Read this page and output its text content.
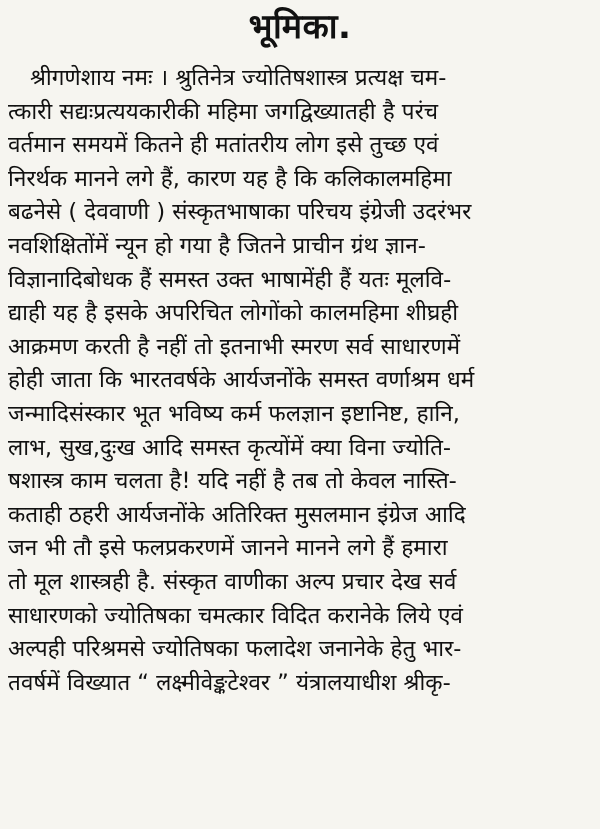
भूमिका.
श्रीगणेशाय नमः । श्रुतिनेत्र ज्योतिषशास्त्र प्रत्यक्ष चम-
त्कारी सद्यःप्रत्ययकारीकी महिमा जगद्विख्यातही है परंच
वर्तमान समयमें कितने ही मतांतरीय लोग इसे तुच्छ एवं
निरर्थक मानने लगे हैं, कारण यह है कि कलिकालमहिमा
बढनेसे ( देववाणी ) संस्कृतभाषाका परिचय इंग्रेजी उदरंभर
नवशिक्षितोंमें न्यून हो गया है जितने प्राचीन ग्रंथ ज्ञान-
विज्ञानादिबोधक हैं समस्त उक्त भाषामेंही हैं यतः मूलवि-
द्याही यह है इसके अपरिचित लोगोंको कालमहिमा शीघ्रही
आक्रमण करती है नहीं तो इतनाभी स्मरण सर्व साधारणमें
होही जाता कि भारतवर्षके आर्यजनोंके समस्त वर्णाश्रम धर्म
जन्मादिसंस्कार भूत भविष्य कर्म फलज्ञान इष्टानिष्ट, हानि,
लाभ, सुख,दुःख आदि समस्त कृत्योंमें क्या विना ज्योति-
षशास्त्र काम चलता है! यदि नहीं है तब तो केवल नास्ति-
कताही ठहरी आर्यजनोंके अतिरिक्त मुसलमान इंग्रेज आदि
जन भी तौ इसे फलप्रकरणमें जानने मानने लगे हैं हमारा
तो मूल शास्त्रही है. संस्कृत वाणीका अल्प प्रचार देख सर्व
साधारणको ज्योतिषका चमत्कार विदित करानेके लिये एवं
अल्पही परिश्रमसे ज्योतिषका फलादेश जनानेके हेतु भार-
तवर्षमें विख्यात “ लक्ष्मीवेङ्कटेश्वर ” यंत्रालयाधीश श्रीकृ-
